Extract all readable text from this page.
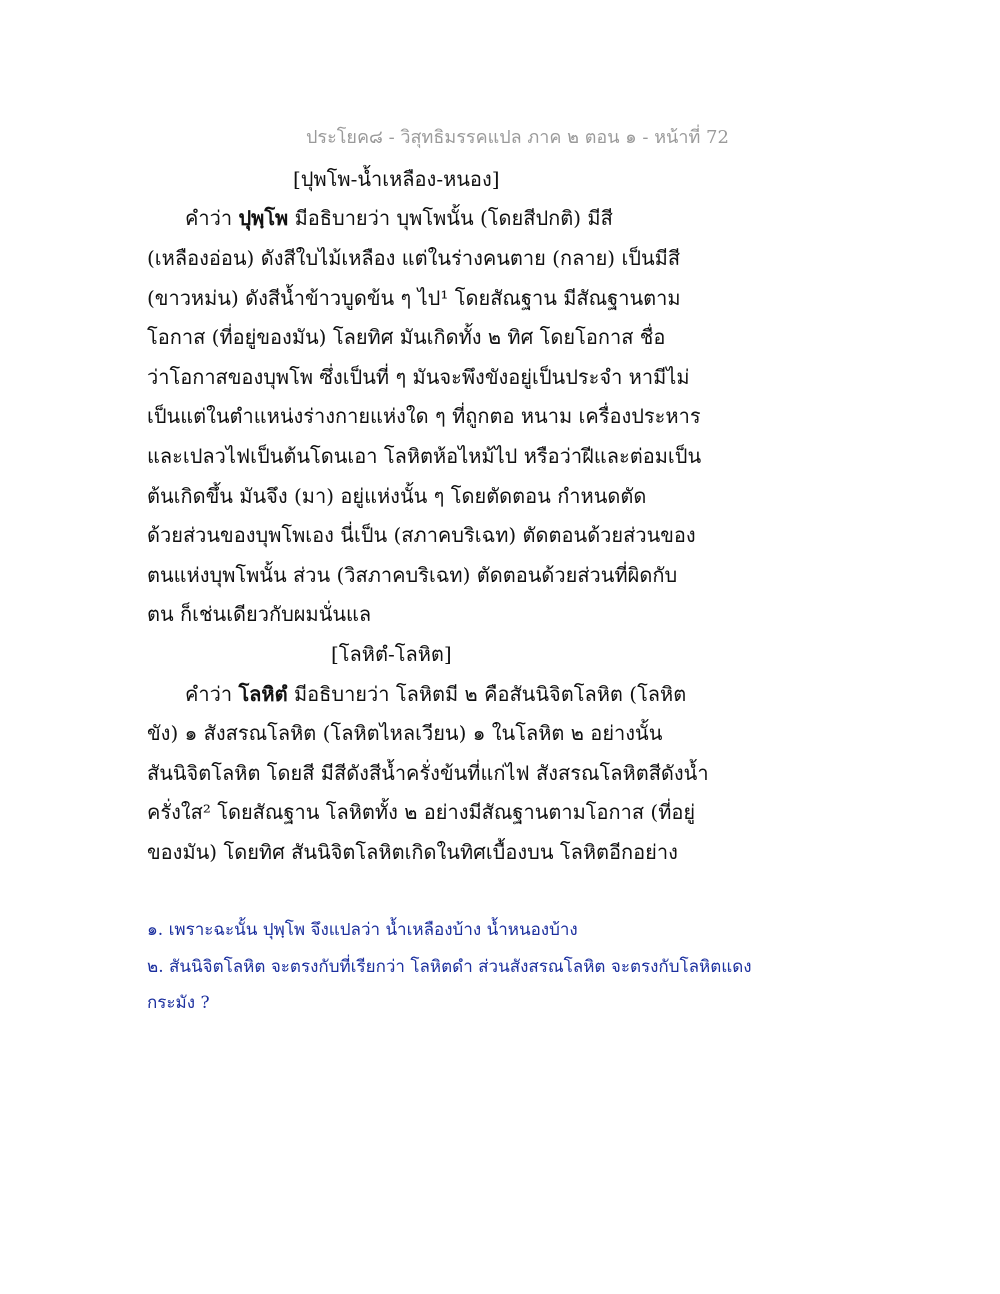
ประโยค๘ - วิสุทธิมรรคแปล ภาค ๒ ตอน ๑ - หน้าที่ 72
[ปุพโพ-น้ำเหลือง-หนอง]
คำว่า ปุพฺโพ มีอธิบายว่า บุพโพนั้น (โดยสีปกติ) มีสี
(เหลืองอ่อน) ดังสีใบไม้เหลือง แต่ในร่างคนตาย (กลาย) เป็นมีสี
(ขาวหม่น) ดังสีน้ำข้าวบูดข้น ๆ ไป¹ โดยสัณฐาน มีสัณฐานตาม
โอกาส (ที่อยู่ของมัน) โลยทิศ มันเกิดทั้ง ๒ ทิศ โดยโอกาส ชื่อ
ว่าโอกาสของบุพโพ ซึ่งเป็นที่ ๆ มันจะพึงขังอยู่เป็นประจำ หามีไม่
เป็นแต่ในตำแหน่งร่างกายแห่งใด ๆ ที่ถูกตอ หนาม เครื่องประหาร
และเปลวไฟเป็นต้นโดนเอา โลหิตห้อไหม้ไป หรือว่าฝีและต่อมเป็น
ต้นเกิดขึ้น มันจึง (มา) อยู่แห่งนั้น ๆ โดยตัดตอน กำหนดตัด
ด้วยส่วนของบุพโพเอง นี่เป็น (สภาคบริเฉท) ตัดตอนด้วยส่วนของ
ตนแห่งบุพโพนั้น ส่วน (วิสภาคบริเฉท) ตัดตอนด้วยส่วนที่ผิดกับ
ตน ก็เช่นเดียวกับผมนั่นแล
[โลหิตํ-โลหิต]
คำว่า โลหิตํ มีอธิบายว่า โลหิตมี ๒ คือสันนิจิตโลหิต (โลหิต
ขัง) ๑ สังสรณโลหิต (โลหิตไหลเวียน) ๑ ในโลหิต ๒ อย่างนั้น
สันนิจิตโลหิต โดยสี มีสีดังสีน้ำครั่งข้นที่แก่ไฟ สังสรณโลหิตสีดังน้ำ
ครั่งใส² โดยสัณฐาน โลหิตทั้ง ๒ อย่างมีสัณฐานตามโอกาส (ที่อยู่
ของมัน) โดยทิศ สันนิจิตโลหิตเกิดในทิศเบื้องบน โลหิตอีกอย่าง
๑. เพราะฉะนั้น ปุพฺโพ จึงแปลว่า น้ำเหลืองบ้าง น้ำหนองบ้าง
๒. สันนิจิตโลหิต จะตรงกับที่เรียกว่า โลหิตดำ ส่วนสังสรณโลหิต จะตรงกับโลหิตแดง
กระมัง ?
